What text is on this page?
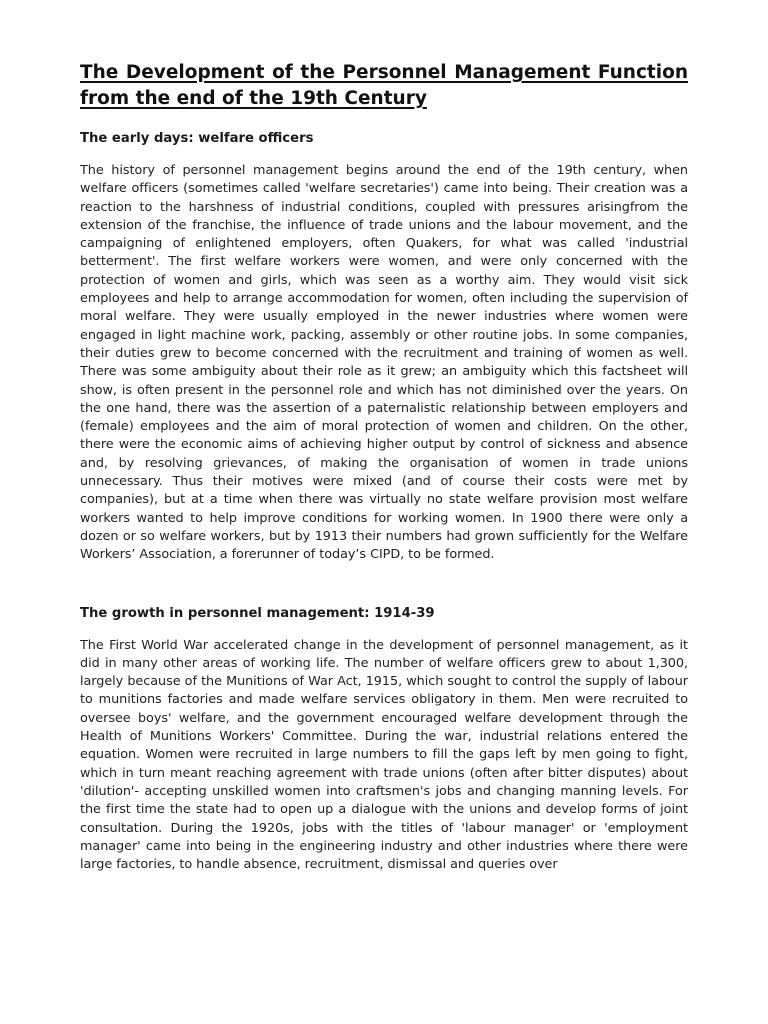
The Development of the Personnel Management Function from the end of the 19th Century
The early days: welfare officers

The history of personnel management begins around the end of the 19th century, when welfare officers (sometimes called 'welfare secretaries') came into being. Their creation was a reaction to the harshness of industrial conditions, coupled with pressures arisingfrom the extension of the franchise, the influence of trade unions and the labour movement, and the campaigning of enlightened employers, often Quakers, for what was called 'industrial betterment'. The first welfare workers were women, and were only concerned with the protection of women and girls, which was seen as a worthy aim. They would visit sick employees and help to arrange accommodation for women, often including the supervision of moral welfare. They were usually employed in the newer industries where women were engaged in light machine work, packing, assembly or other routine jobs. In some companies, their duties grew to become concerned with the recruitment and training of women as well. There was some ambiguity about their role as it grew; an ambiguity which this factsheet will show, is often present in the personnel role and which has not diminished over the years. On the one hand, there was the assertion of a paternalistic relationship between employers and (female) employees and the aim of moral protection of women and children. On the other, there were the economic aims of achieving higher output by control of sickness and absence and, by resolving grievances, of making the organisation of women in trade unions unnecessary. Thus their motives were mixed (and of course their costs were met by companies), but at a time when there was virtually no state welfare provision most welfare workers wanted to help improve conditions for working women. In 1900 there were only a dozen or so welfare workers, but by 1913 their numbers had grown sufficiently for the Welfare Workers’ Association, a forerunner of today’s CIPD, to be formed.

The growth in personnel management: 1914-39

The First World War accelerated change in the development of personnel management, as it did in many other areas of working life. The number of welfare officers grew to about 1,300, largely because of the Munitions of War Act, 1915, which sought to control the supply of labour to munitions factories and made welfare services obligatory in them. Men were recruited to oversee boys' welfare, and the government encouraged welfare development through the Health of Munitions Workers' Committee. During the war, industrial relations entered the equation. Women were recruited in large numbers to fill the gaps left by men going to fight, which in turn meant reaching agreement with trade unions (often after bitter disputes) about 'dilution'- accepting unskilled women into craftsmen's jobs and changing manning levels. For the first time the state had to open up a dialogue with the unions and develop forms of joint consultation. During the 1920s, jobs with the titles of 'labour manager' or 'employment manager' came into being in the engineering industry and other industries where there were large factories, to handle absence, recruitment, dismissal and queries over
